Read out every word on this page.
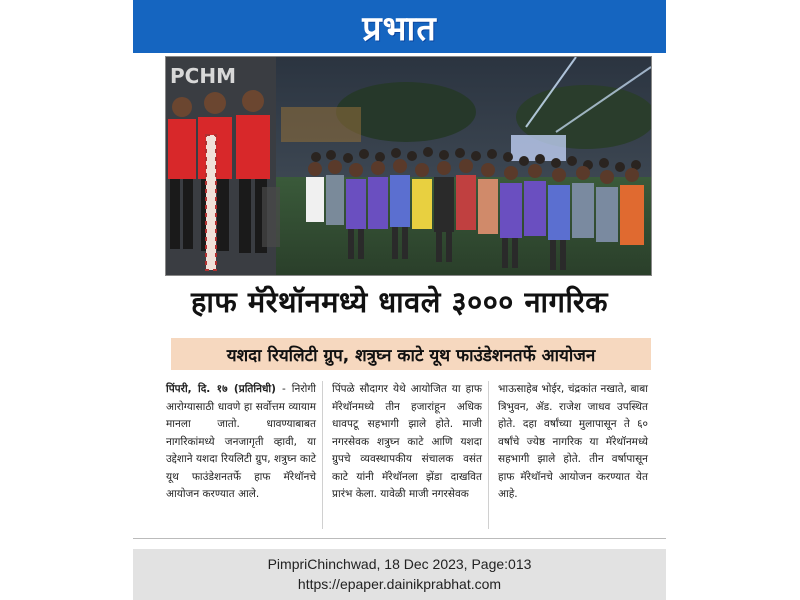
प्रभात
PCHM
हाफ मॅरेथॉनमध्ये धावले ३००० नागरिक
यशदा रियलिटी ग्रुप, शत्रुघ्न काटे यूथ फाउंडेशनतर्फे आयोजन
पिंपरी, दि. १७ (प्रतिनिधी) - निरोगी आरोग्यासाठी धावणे हा सर्वोत्तम व्यायाम मानला जातो. धावण्याबाबत नागरिकांमध्ये जनजागृती व्हावी, या उद्देशाने यशदा रियलिटी ग्रुप, शत्रुघ्न काटे यूथ फाउंडेशनतर्फे हाफ मॅरेथॉनचे आयोजन करण्यात आले.
पिंपळे सौदागर येथे आयोजित या हाफ मॅरेथॉनमध्ये तीन हजारांहून अधिक धावपटू सहभागी झाले होते. माजी नगरसेवक शत्रुघ्न काटे आणि यशदा ग्रुपचे व्यवस्थापकीय संचालक वसंत काटे यांनी मॅरेथॉनला झेंडा दाखवित प्रारंभ केला. यावेळी माजी नगरसेवक
भाऊसाहेब भोईर, चंद्रकांत नखाते, बाबा त्रिभुवन, ॲड. राजेश जाधव उपस्थित होते. दहा वर्षांच्या मुलापासून ते ६० वर्षांचे ज्येष्ठ नागरिक या मॅरेथॉनमध्ये सहभागी झाले होते. तीन वर्षापासून हाफ मॅरेथॉनचे आयोजन करण्यात येत आहे.
PimpriChinchwad, 18 Dec 2023, Page:013
https://epaper.dainikprabhat.com
